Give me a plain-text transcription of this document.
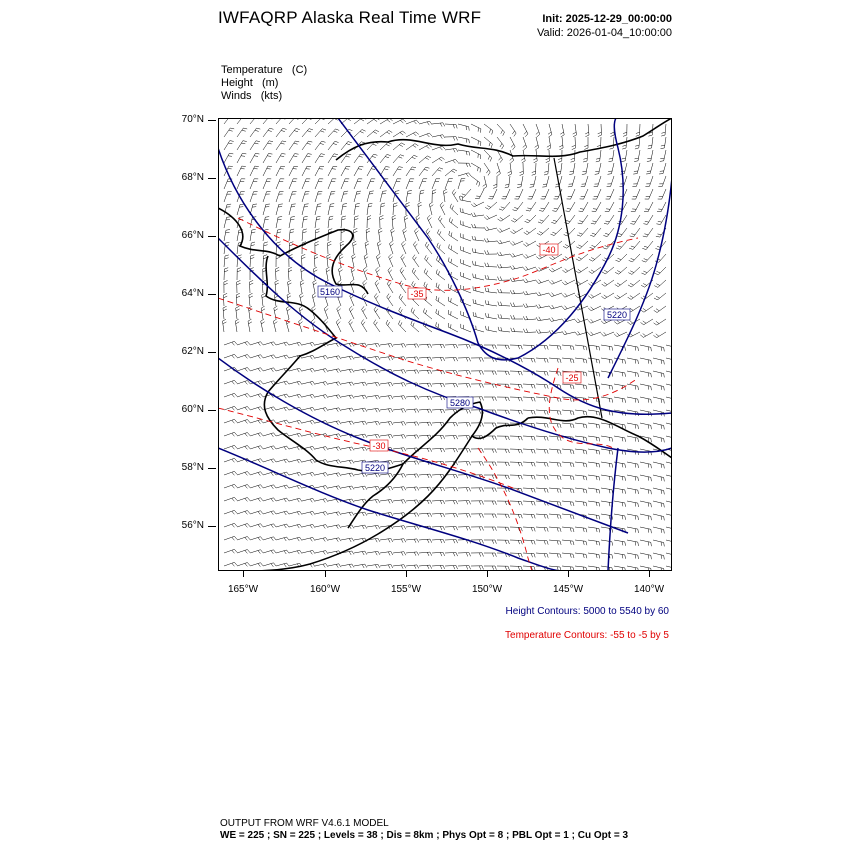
IWFAQRP Alaska Real Time WRF	Init: 2025-12-29_00:00:00
Valid: 2026-01-04_10:00:00
Temperature   (C)
Height   (m)
Winds   (kts)
70°N
68°N
66°N
64°N
62°N
60°N
58°N
56°N
165°W	160°W	155°W	150°W	145°W	140°W
5160
5220
5280
5220
-40
-35
-30
-25
Height Contours: 5000 to 5540 by 60
Temperature Contours: -55 to -5 by 5
OUTPUT FROM WRF V4.6.1 MODEL
WE = 225 ; SN = 225 ; Levels = 38 ; Dis = 8km ; Phys Opt = 8 ; PBL Opt = 1 ; Cu Opt = 3
